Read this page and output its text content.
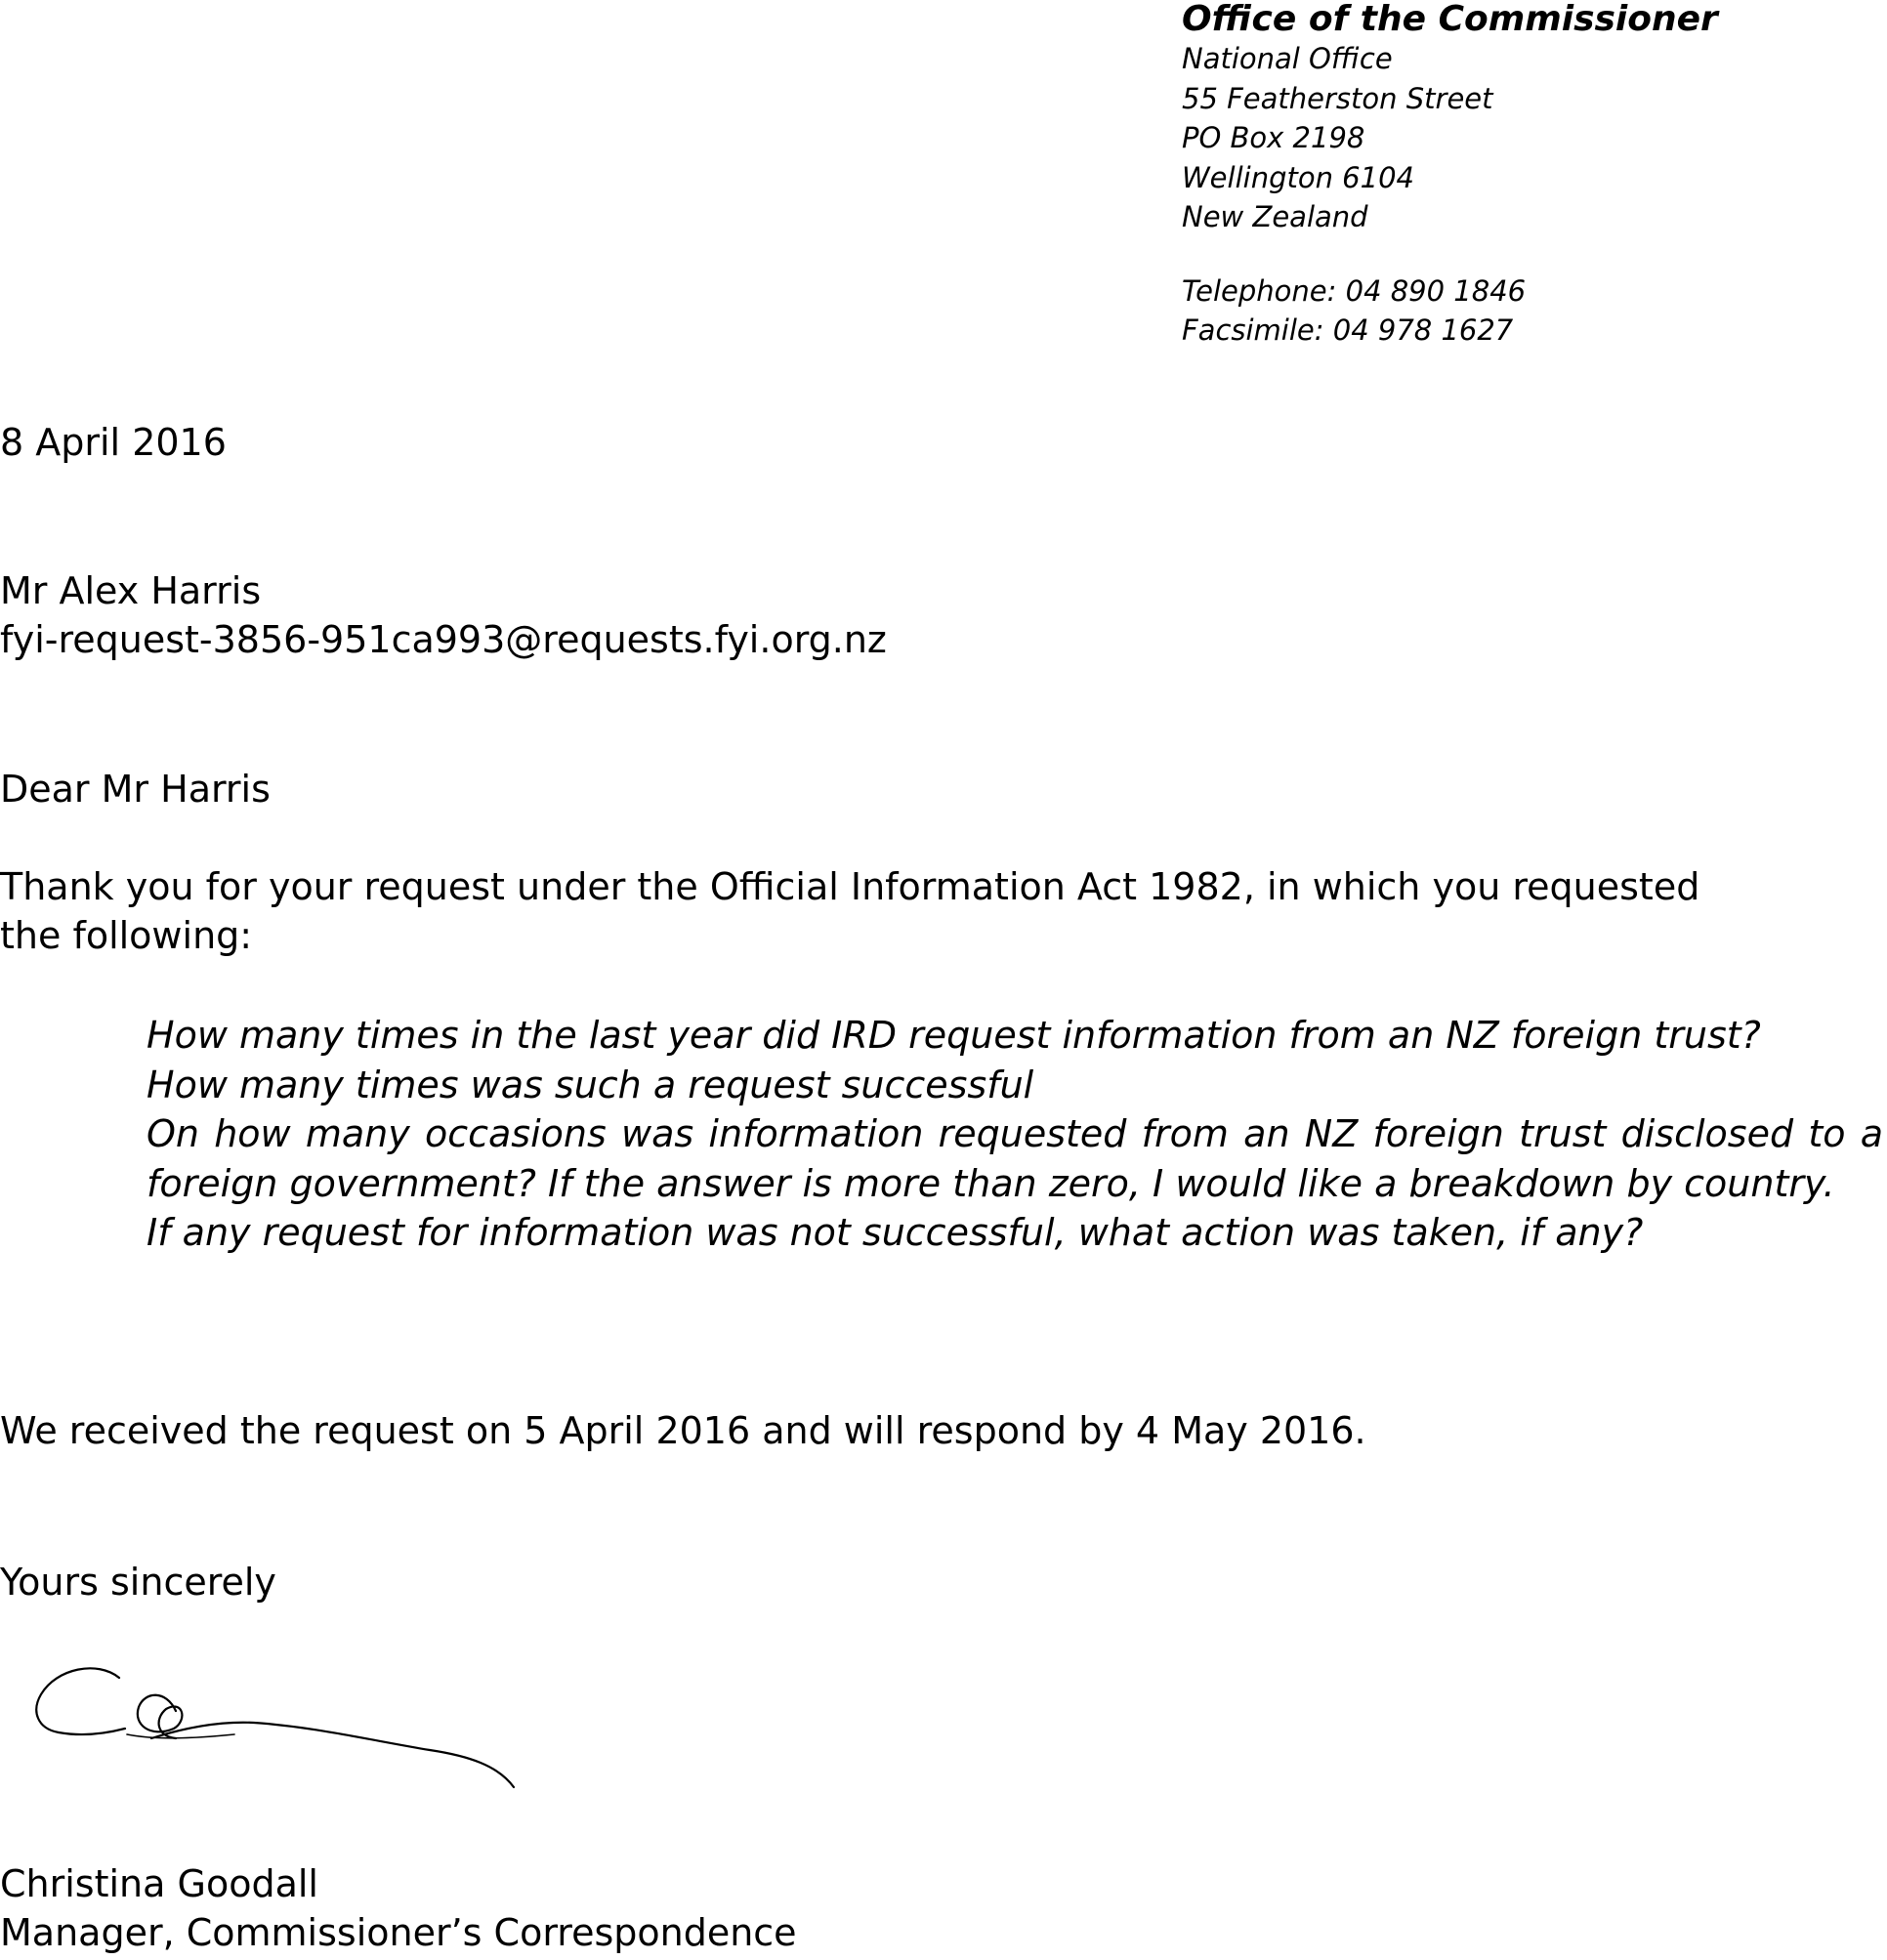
Office of the Commissioner
National Office
55 Featherston Street
PO Box 2198
Wellington 6104
New Zealand
Telephone: 04 890 1846
Facsimile: 04 978 1627
8 April 2016
Mr Alex Harris
fyi-request-3856-951ca993@requests.fyi.org.nz
Dear Mr Harris

Thank you for your request under the Official Information Act 1982, in which you requested

the following:

How many times in the last year did IRD request information from an NZ foreign trust?

How many times was such a request successful

On how many occasions was information requested from an NZ foreign trust disclosed to a foreign government? If the answer is more than zero, I would like a breakdown by country.

If any request for information was not successful, what action was taken, if any?

We received the request on 5 April 2016 and will respond by 4 May 2016.
Yours sincerely
Christina Goodall
Manager, Commissioner’s Correspondence
